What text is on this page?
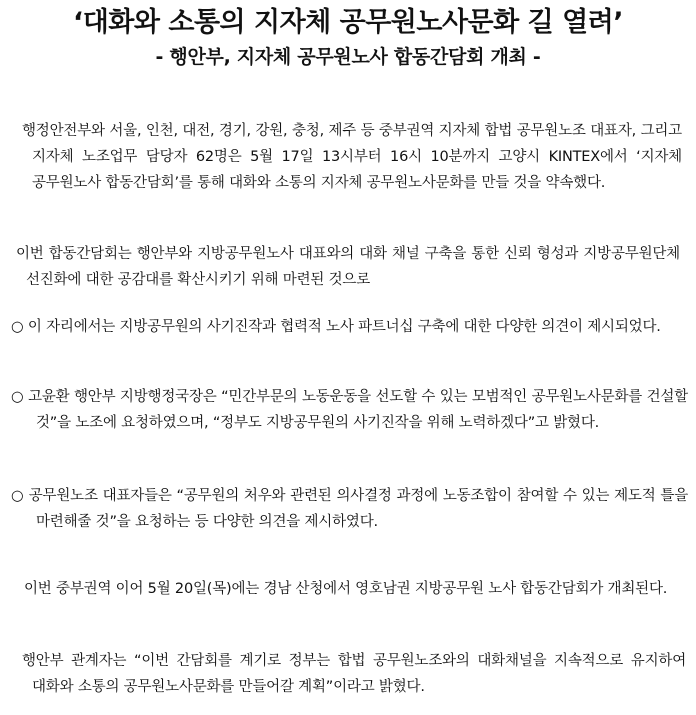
‘대화와 소통의 지자체 공무원노사문화 길 열려’
- 행안부, 지자체 공무원노사 합동간담회 개최 -
행정안전부와 서울, 인천, 대전, 경기, 강원, 충청, 제주 등 중부권역 지자체 합법 공무원노조 대표자, 그리고 지자체 노조업무 담당자 62명은 5월 17일 13시부터 16시 10분까지 고양시 KINTEX에서 ‘지자체 공무원노사 합동간담회’를 통해 대화와 소통의 지자체 공무원노사문화를 만들 것을 약속했다.
이번 합동간담회는 행안부와 지방공무원노사 대표와의 대화 채널 구축을 통한 신뢰 형성과 지방공무원단체 선진화에 대한 공감대를 확산시키기 위해 마련된 것으로
○ 이 자리에서는 지방공무원의 사기진작과 협력적 노사 파트너십 구축에 대한 다양한 의견이 제시되었다.
○ 고윤환 행안부 지방행정국장은 “민간부문의 노동운동을 선도할 수 있는 모범적인 공무원노사문화를 건설할 것”을 노조에 요청하였으며, “정부도 지방공무원의 사기진작을 위해 노력하겠다”고 밝혔다.
○ 공무원노조 대표자들은 “공무원의 처우와 관련된 의사결정 과정에 노동조합이 참여할 수 있는 제도적 틀을 마련해줄 것”을 요청하는 등 다양한 의견을 제시하였다.
이번 중부권역 이어 5월 20일(목)에는 경남 산청에서 영호남권 지방공무원 노사 합동간담회가 개최된다.
행안부 관계자는 “이번 간담회를 계기로 정부는 합법 공무원노조와의 대화채널을 지속적으로 유지하여 대화와 소통의 공무원노사문화를 만들어갈 계획”이라고 밝혔다.
